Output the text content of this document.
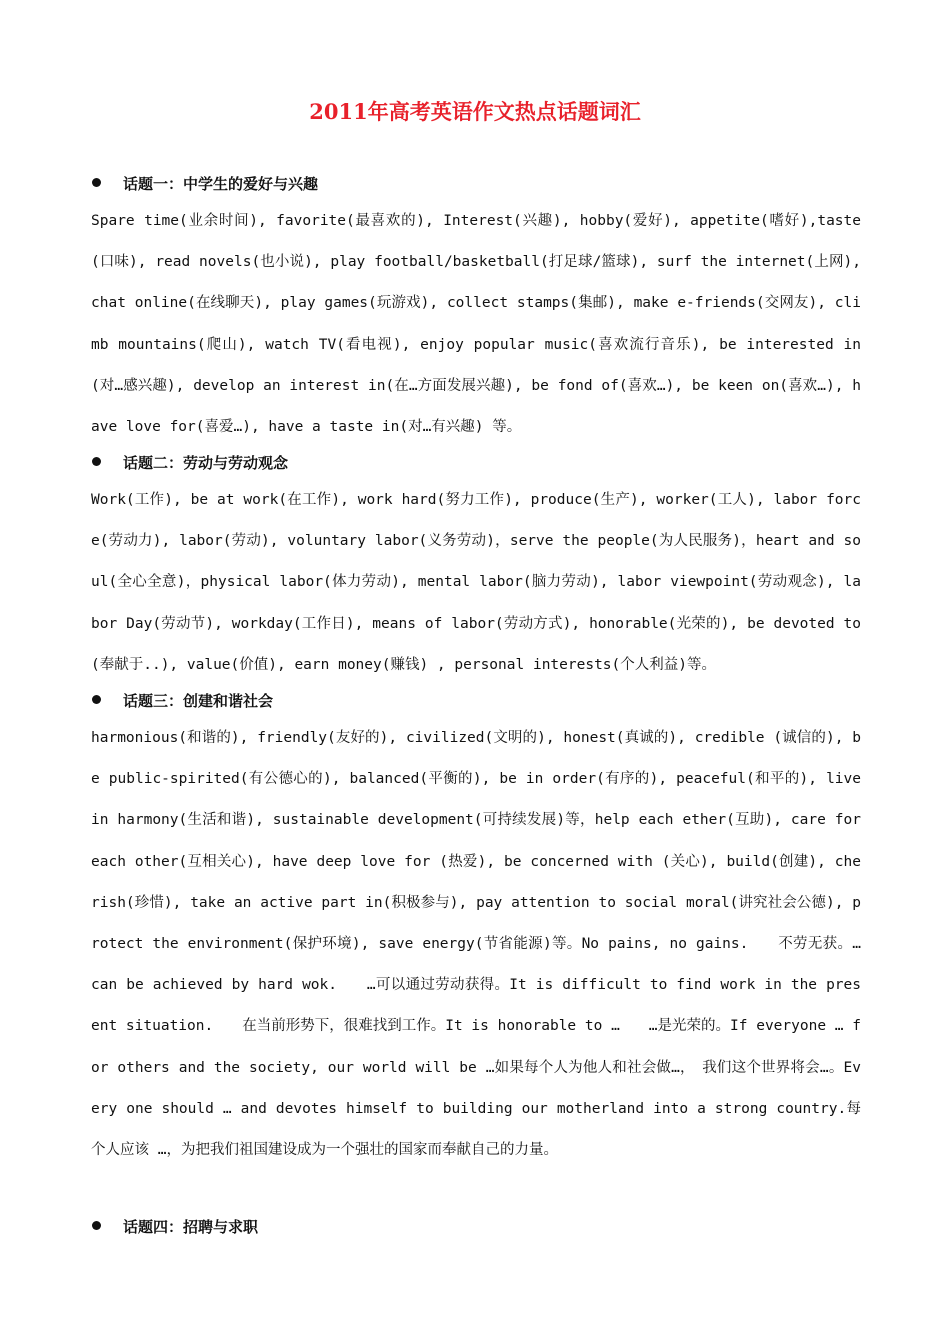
2011年高考英语作文热点话题词汇
话题一：中学生的爱好与兴趣

Spare time(业余时间), favorite(最喜欢的), Interest(兴趣), hobby(爱好), appetite(嗜好),taste(口味), read novels(也小说), play football/basketball(打足球/篮球), surf the internet(上网), chat online(在线聊天), play games(玩游戏), collect stamps(集邮), make e-friends(交网友), climb mountains(爬山), watch TV(看电视), enjoy popular music(喜欢流行音乐), be interested in(对…感兴趣), develop an interest in(在…方面发展兴趣), be fond of(喜欢…), be keen on(喜欢…), have love for(喜爱…), have a taste in(对…有兴趣) 等。

话题二：劳动与劳动观念

Work(工作), be at work(在工作), work hard(努力工作), produce(生产), worker(工人), labor force(劳动力), labor(劳动), voluntary labor(义务劳动)，serve the people(为人民服务)，heart and soul(全心全意)，physical labor(体力劳动), mental labor(脑力劳动), labor viewpoint(劳动观念), labor Day(劳动节), workday(工作日), means of labor(劳动方式), honorable(光荣的), be devoted to(奉献于..), value(价值), earn money(赚钱) , personal interests(个人利益)等。

话题三：创建和谐社会

harmonious(和谐的), friendly(友好的), civilized(文明的), honest(真诚的), credible (诚信的), be public-spirited(有公德心的), balanced(平衡的), be in order(有序的), peaceful(和平的), live in harmony(生活和谐), sustainable development(可持续发展)等，help each ether(互助), care for each other(互相关心), have deep love for (热爱), be concerned with (关心), build(创建), cherish(珍惜), take an active part in(积极参与), pay attention to social moral(讲究社会公德), protect the environment(保护环境), save energy(节省能源)等。No pains, no gains.　　不劳无获。…can be achieved by hard wok.　　…可以通过劳动获得。It is difficult to find work in the present situation.　　在当前形势下，很难找到工作。It is honorable to …　　…是光荣的。If everyone … for others and the society, our world will be …如果每个人为他人和社会做…，　我们这个世界将会…。Every one should … and devotes himself to building our motherland into a strong country.每个人应该 …，为把我们祖国建设成为一个强壮的国家而奉献自己的力量。

话题四：招聘与求职
